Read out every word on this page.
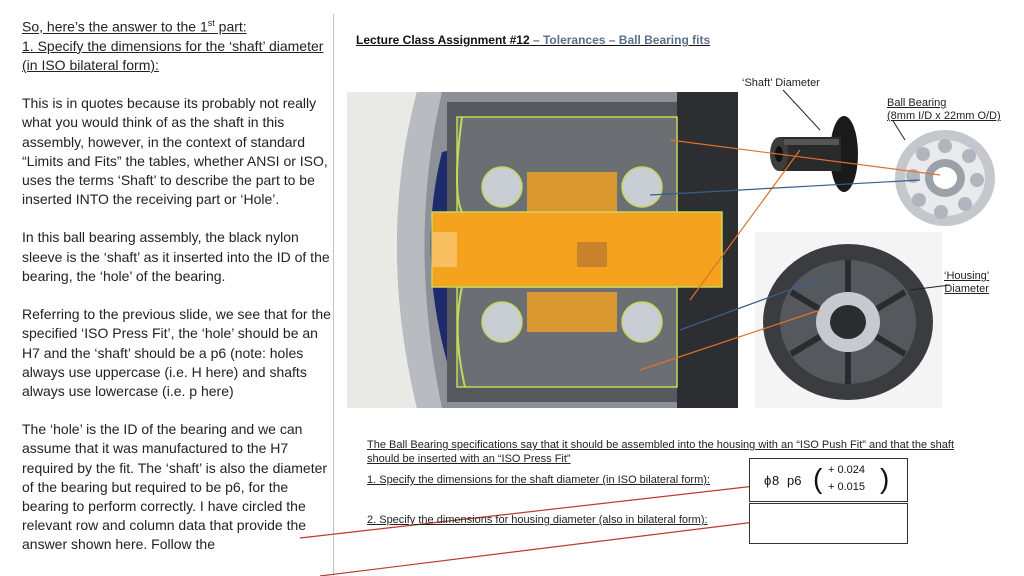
So, here’s the answer to the 1st part:
1. Specify the dimensions for the ‘shaft’ diameter (in ISO bilateral form):

This is in quotes because its probably not really what you would think of as the shaft in this assembly, however, in the context of standard “Limits and Fits” the tables, whether ANSI or ISO, uses the terms ‘Shaft’ to describe the part to be inserted INTO the receiving part or ‘Hole’.

In this ball bearing assembly, the black nylon sleeve is the ‘shaft’ as it inserted into the ID of the bearing, the ‘hole’ of the bearing.

Referring to the previous slide, we see that for the specified ‘ISO Press Fit’, the ‘hole’ should be an H7 and the ‘shaft’ should be a p6 (note: holes always use uppercase (i.e. H here) and shafts always use lowercase (i.e. p here)

The ‘hole’ is the ID of the bearing and we can assume that it was manufactured to the H7 required by the fit. The ‘shaft’ is also the diameter of the bearing but required to be p6, for the bearing to perform correctly. I have circled the relevant row and column data that provide the answer shown here. Follow the

Lecture Class Assignment #12 – Tolerances – Ball Bearing fits
‘Shaft’ Diameter
Ball Bearing
(8mm I/D x 22mm O/D)
‘Housing’
Diameter
The Ball Bearing specifications say that it should be assembled into the housing with an “ISO Push Fit” and that the shaft should be inserted with an “ISO Press Fit”
1. Specify the dimensions for the shaft diameter (in ISO bilateral form):
2. Specify the dimensions for housing diameter (also in bilateral form):
ϕ 8 p6 ( + 0.024
+ 0.015 )
